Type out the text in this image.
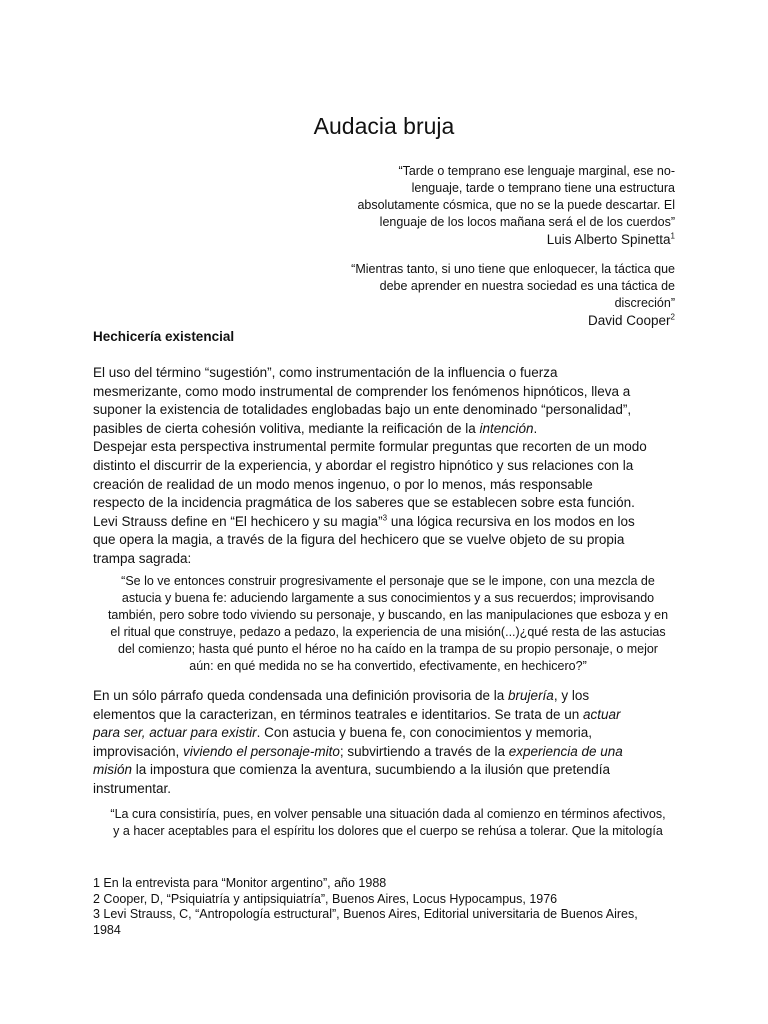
Audacia bruja
“Tarde o temprano ese lenguaje marginal, ese no-
lenguaje, tarde o temprano tiene una estructura
absolutamente cósmica, que no se la puede descartar. El
lenguaje de los locos mañana será el de los cuerdos”
Luis Alberto Spinetta$^1$
“Mientras tanto, si uno tiene que enloquecer, la táctica que
debe aprender en nuestra sociedad es una táctica de
discreción”
David Cooper$^2$
Hechicería existencial
El uso del término “sugestión”, como instrumentación de la influencia o fuerza
mesmerizante, como modo instrumental de comprender los fenómenos hipnóticos, lleva a
suponer la existencia de totalidades englobadas bajo un ente denominado “personalidad”,
pasibles de cierta cohesión volitiva, mediante la reificación de la intención.
Despejar esta perspectiva instrumental permite formular preguntas que recorten de un modo
distinto el discurrir de la experiencia, y abordar el registro hipnótico y sus relaciones con la
creación de realidad de un modo menos ingenuo, o por lo menos, más responsable
respecto de la incidencia pragmática de los saberes que se establecen sobre esta función.
Levi Strauss define en “El hechicero y su magia”$^3$ una lógica recursiva en los modos en los
que opera la magia, a través de la figura del hechicero que se vuelve objeto de su propia
trampa sagrada:
“Se lo ve entonces construir progresivamente el personaje que se le impone, con una mezcla de
astucia y buena fe: aduciendo largamente a sus conocimientos y a sus recuerdos; improvisando
también, pero sobre todo viviendo su personaje, y buscando, en las manipulaciones que esboza y en
el ritual que construye, pedazo a pedazo, la experiencia de una misión(...)¿qué resta de las astucias
del comienzo; hasta qué punto el héroe no ha caído en la trampa de su propio personaje, o mejor
aún: en qué medida no se ha convertido, efectivamente, en hechicero?”
En un sólo párrafo queda condensada una definición provisoria de la brujería, y los
elementos que la caracterizan, en términos teatrales e identitarios. Se trata de un actuar
para ser, actuar para existir. Con astucia y buena fe, con conocimientos y memoria,
improvisación, viviendo el personaje-mito; subvirtiendo a través de la experiencia de una
misión la impostura que comienza la aventura, sucumbiendo a la ilusión que pretendía
instrumentar.
“La cura consistiría, pues, en volver pensable una situación dada al comienzo en términos afectivos,
y a hacer aceptables para el espíritu los dolores que el cuerpo se rehúsa a tolerar. Que la mitología
1 En la entrevista para “Monitor argentino”, año 1988
2 Cooper, D, “Psiquiatría y antipsiquiatría”, Buenos Aires, Locus Hypocampus, 1976
3 Levi Strauss, C, “Antropología estructural”, Buenos Aires, Editorial universitaria de Buenos Aires,
1984
